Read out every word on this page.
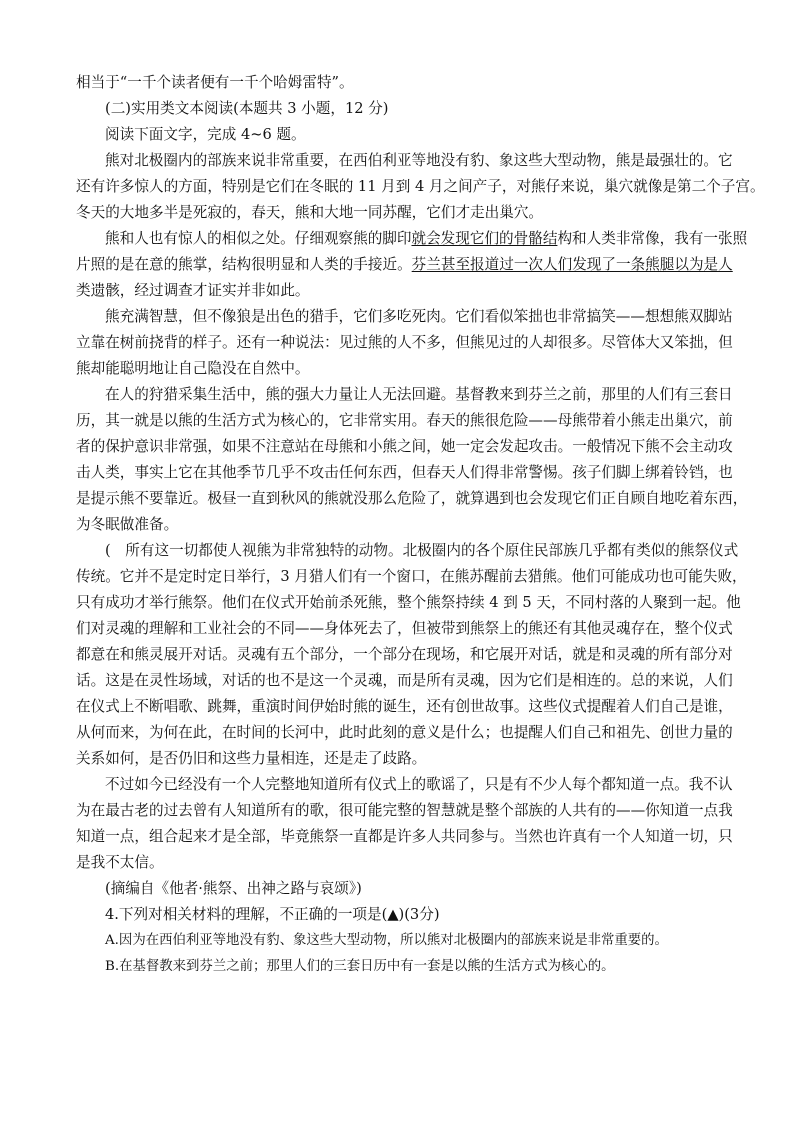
相当于“一千个读者便有一千个哈姆雷特”。

(二)实用类文本阅读(本题共 3 小题，12 分)

阅读下面文字，完成 4~6 题。

熊对北极圈内的部族来说非常重要，在西伯利亚等地没有豹、象这些大型动物，熊是最强壮的。它

还有许多惊人的方面，特别是它们在冬眠的 11 月到 4 月之间产子，对熊仔来说，巢穴就像是第二个子宫。

冬天的大地多半是死寂的，春天，熊和大地一同苏醒，它们才走出巢穴。

熊和人也有惊人的相似之处。仔细观察熊的脚印就会发现它们的骨骼结构和人类非常像，我有一张照

片照的是在意的熊掌，结构很明显和人类的手接近。芬兰甚至报道过一次人们发现了一条熊腿以为是人

类遗骸，经过调查才证实并非如此。

熊充满智慧，但不像狼是出色的猎手，它们多吃死肉。它们看似笨拙也非常搞笑——想想熊双脚站

立靠在树前挠背的样子。还有一种说法：见过熊的人不多，但熊见过的人却很多。尽管体大又笨拙，但

熊却能聪明地让自己隐没在自然中。

在人的狩猎采集生活中，熊的强大力量让人无法回避。基督教来到芬兰之前，那里的人们有三套日

历，其一就是以熊的生活方式为核心的，它非常实用。春天的熊很危险——母熊带着小熊走出巢穴，前

者的保护意识非常强，如果不注意站在母熊和小熊之间，她一定会发起攻击。一般情况下熊不会主动攻

击人类，事实上它在其他季节几乎不攻击任何东西，但春天人们得非常警惕。孩子们脚上绑着铃铛，也

是提示熊不要靠近。极昼一直到秋风的熊就没那么危险了，就算遇到也会发现它们正自顾自地吃着东西，

为冬眠做准备。

(　所有这一切都使人视熊为非常独特的动物。北极圈内的各个原住民部族几乎都有类似的熊祭仪式

传统。它并不是定时定日举行，3 月猎人们有一个窗口，在熊苏醒前去猎熊。他们可能成功也可能失败，

只有成功才举行熊祭。他们在仪式开始前杀死熊，整个熊祭持续 4 到 5 天，不同村落的人聚到一起。他

们对灵魂的理解和工业社会的不同——身体死去了，但被带到熊祭上的熊还有其他灵魂存在，整个仪式

都意在和熊灵展开对话。灵魂有五个部分，一个部分在现场，和它展开对话，就是和灵魂的所有部分对

话。这是在灵性场域，对话的也不是这一个灵魂，而是所有灵魂，因为它们是相连的。总的来说，人们

在仪式上不断唱歌、跳舞，重演时间伊始时熊的诞生，还有创世故事。这些仪式提醒着人们自己是谁，

从何而来，为何在此，在时间的长河中，此时此刻的意义是什么；也提醒人们自己和祖先、创世力量的

关系如何，是否仍旧和这些力量相连，还是走了歧路。

不过如今已经没有一个人完整地知道所有仪式上的歌谣了，只是有不少人每个都知道一点。我不认

为在最古老的过去曾有人知道所有的歌，很可能完整的智慧就是整个部族的人共有的——你知道一点我

知道一点，组合起来才是全部，毕竟熊祭一直都是许多人共同参与。当然也许真有一个人知道一切，只

是我不太信。

(摘编自《他者·熊祭、出神之路与哀颂》)

4.下列对相关材料的理解，不正确的一项是(▲)(3分)

A.因为在西伯利亚等地没有豹、象这些大型动物，所以熊对北极圈内的部族来说是非常重要的。

B.在基督教来到芬兰之前；那里人们的三套日历中有一套是以熊的生活方式为核心的。
